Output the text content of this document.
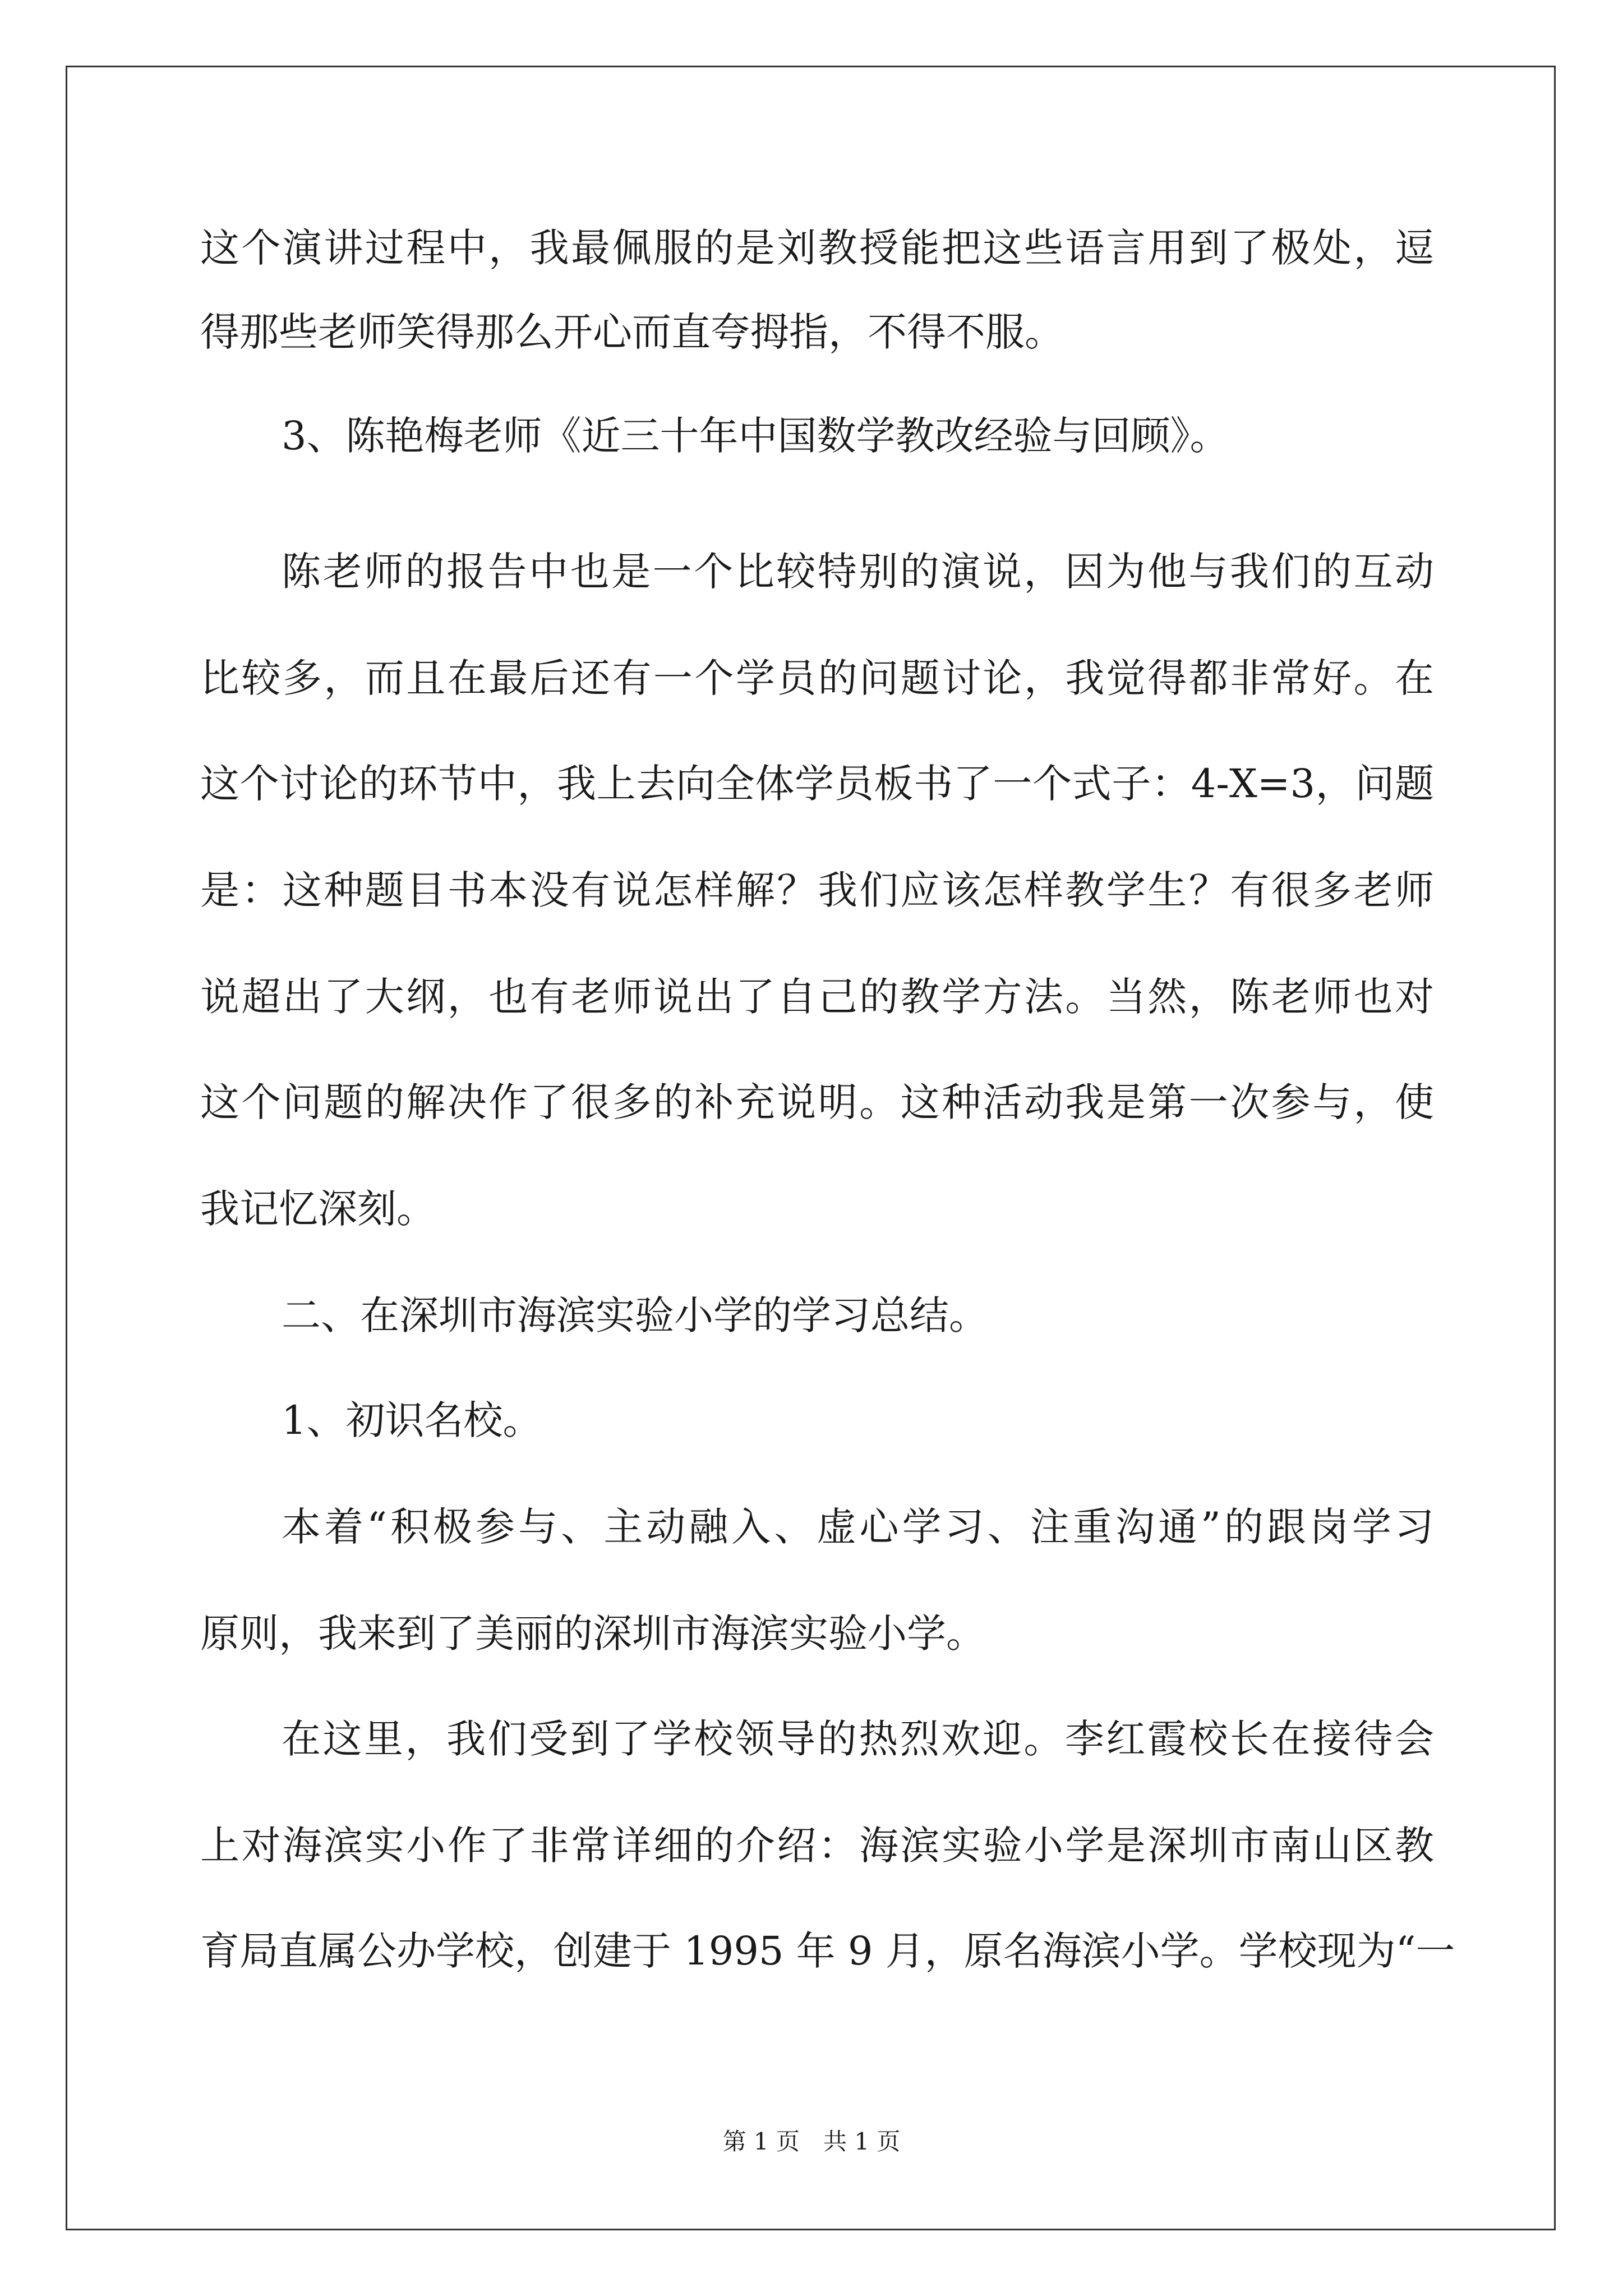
这个演讲过程中，我最佩服的是刘教授能把这些语言用到了极处，逗

得那些老师笑得那么开心而直夸拇指，不得不服。

3、陈艳梅老师《近三十年中国数学教改经验与回顾》。

陈老师的报告中也是一个比较特别的演说，因为他与我们的互动

比较多，而且在最后还有一个学员的问题讨论，我觉得都非常好。在

这个讨论的环节中，我上去向全体学员板书了一个式子：4-X=3，问题

是：这种题目书本没有说怎样解？我们应该怎样教学生？有很多老师

说超出了大纲，也有老师说出了自己的教学方法。当然，陈老师也对

这个问题的解决作了很多的补充说明。这种活动我是第一次参与，使

我记忆深刻。

二、在深圳市海滨实验小学的学习总结。

1、初识名校。

本着“积极参与、主动融入、虚心学习、注重沟通”的跟岗学习

原则，我来到了美丽的深圳市海滨实验小学。

在这里，我们受到了学校领导的热烈欢迎。李红霞校长在接待会

上对海滨实小作了非常详细的介绍：海滨实验小学是深圳市南山区教

育局直属公办学校，创建于 1995 年 9 月，原名海滨小学。学校现为“一

第 1 页　共 1 页
